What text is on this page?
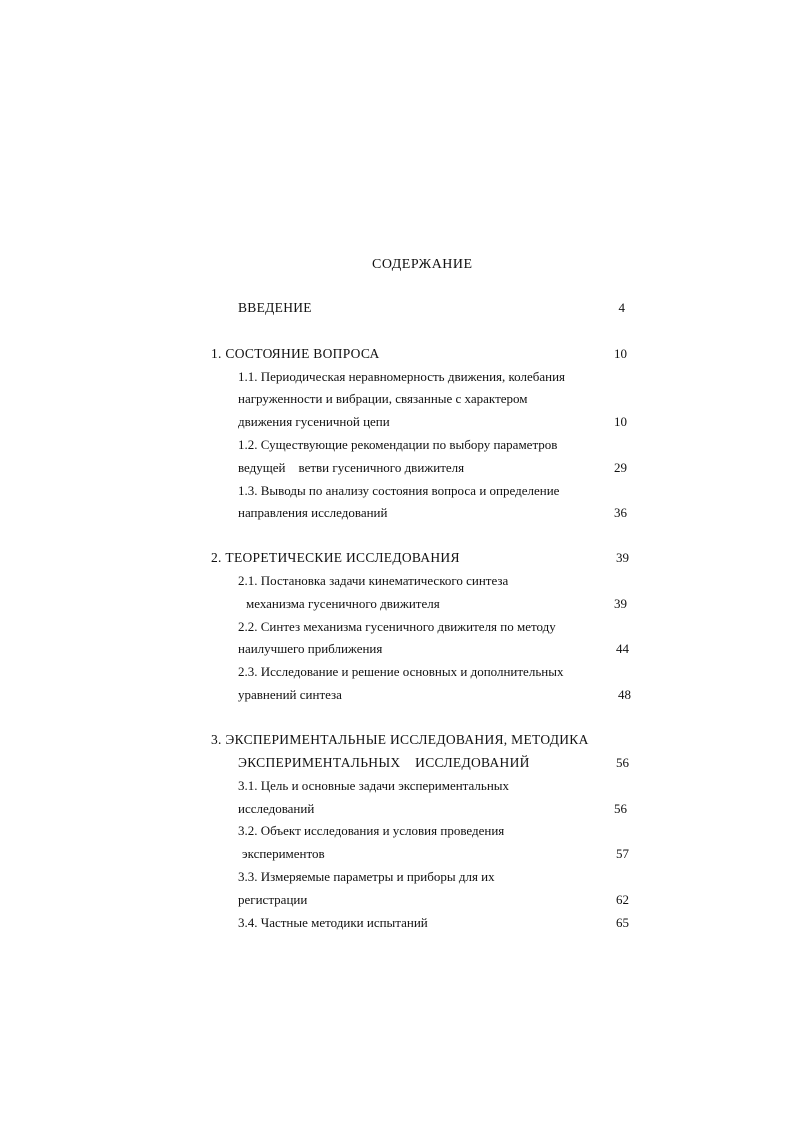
СОДЕРЖАНИЕ
ВВЕДЕНИЕ	4
1. СОСТОЯНИЕ ВОПРОСА	10
1.1. Периодическая неравномерность движения, колебания
нагруженности и вибрации, связанные с характером
движения гусеничной цепи	10
1.2. Существующие рекомендации по выбору параметров
ведущей    ветви гусеничного движителя	29
1.3. Выводы по анализу состояния вопроса и определение
направления исследований	36
2. ТЕОРЕТИЧЕСКИЕ ИССЛЕДОВАНИЯ	39
2.1. Постановка задачи кинематического синтеза
механизма гусеничного движителя	39
2.2. Синтез механизма гусеничного движителя по методу
наилучшего приближения	44
2.3. Исследование и решение основных и дополнительных
уравнений синтеза	48
3. ЭКСПЕРИМЕНТАЛЬНЫЕ ИССЛЕДОВАНИЯ, МЕТОДИКА
ЭКСПЕРИМЕНТАЛЬНЫХ    ИССЛЕДОВАНИЙ	56
3.1. Цель и основные задачи экспериментальных
исследований	56
3.2. Объект исследования и условия проведения
экспериментов	57
3.3. Измеряемые параметры и приборы для их
регистрации	62
3.4. Частные методики испытаний	65
